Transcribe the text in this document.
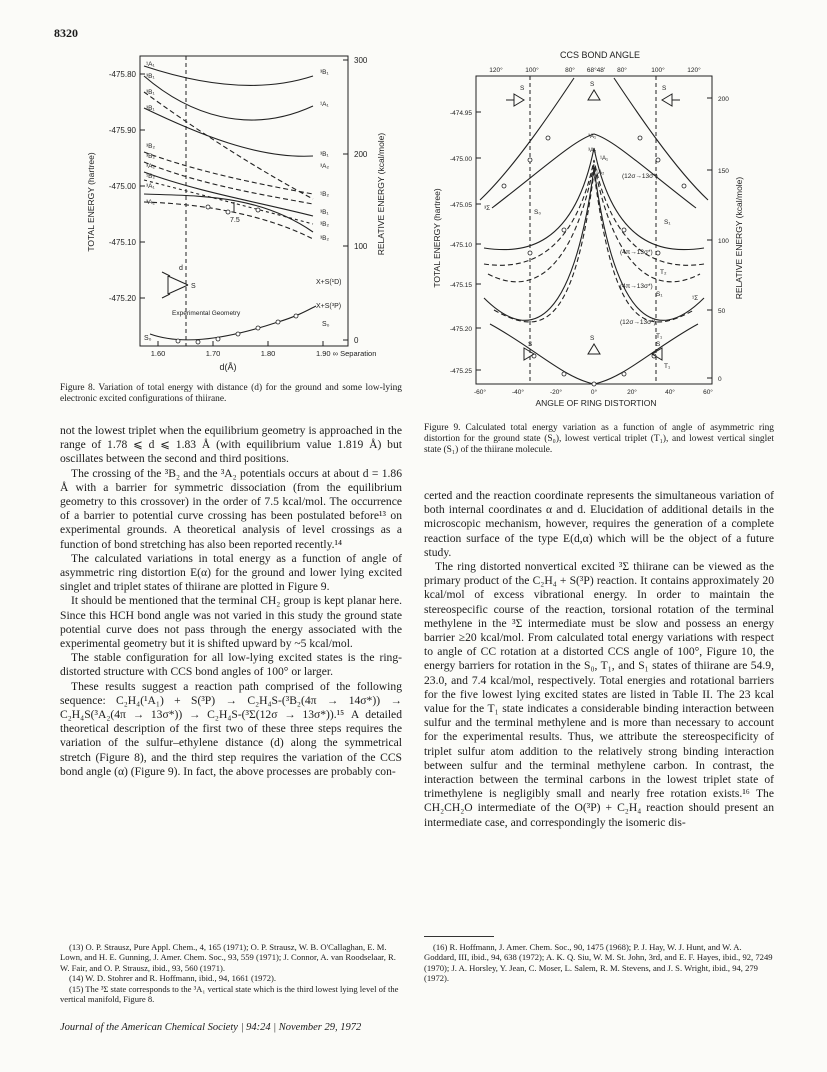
8320
-475.80
-475.90
-475.00
-475.10
-475.20
300
200
100
0
1.60	1.70	1.80	1.90 ∞ Separation
d(Å)
TOTAL ENERGY (hartree)	RELATIVE ENERGY (kcal/mole)
¹A₁
³B₁
³B₁
³B₁
³B₂
³B₂
³A₂
¹B₂
³A₁
³A₂
³B₁
¹A₁
³B₁
³A₂
¹B₂
³B₁
³B₂
³B₂
7.5
d
S
Experimental Geometry
X+S(¹D)
X+S(³P)
S₀
S₀
Figure 8. Variation of total energy with distance (d) for the ground and some low-lying electronic excited configurations of thiirane.
CCS BOND ANGLE
120°	100°	80° 68°48' 80°	100°	120°
-474.95
-475.00
-475.05
-475.10
-475.15
-475.20
-475.25
200
150
100
50
0
-60°	-40°	-20°	0°	20°	40°	60°
ANGLE OF RING DISTORTION
TOTAL ENERGY (hartree)	RELATIVE ENERGY (kcal/mole)
(12σ→13σ*)
(4π→13σ*)
(4π→13σ*)
(12σ→13σ*)
S₀
S₁
T₁
T₂
³A₁
³A₂
¹A₁
¹A₂
³Σ
¹Σ
S₁
T₁
S
S
S
S
S
S
Figure 9. Calculated total energy variation as a function of angle of asymmetric ring distortion for the ground state (S₀), lowest vertical triplet (T₁), and lowest vertical singlet state (S₁) of the thiirane molecule.

not the lowest triplet when the equilibrium geometry is approached in the range of 1.78 ⩽ d ⩽ 1.83 Å (with equilibrium value 1.819 Å) but oscillates between the second and third positions.

The crossing of the ³B₂ and the ³A₂ potentials occurs at about d = 1.86 Å with a barrier for symmetric dissociation (from the equilibrium geometry to this crossover) in the order of 7.5 kcal/mol. The occurrence of a barrier to potential curve crossing has been postulated before¹³ on experimental grounds. A theoretical analysis of level crossings as a function of bond stretching has also been reported recently.¹⁴

The calculated variations in total energy as a function of angle of asymmetric ring distortion E(α) for the ground and lower lying excited singlet and triplet states of thiirane are plotted in Figure 9.

It should be mentioned that the terminal CH₂ group is kept planar here. Since this HCH bond angle was not varied in this study the ground state potential curve does not pass through the energy associated with the experimental geometry but it is shifted upward by ~5 kcal/mol.

The stable configuration for all low-lying excited states is the ring-distorted structure with CCS bond angles of 100° or larger.

These results suggest a reaction path comprised of the following sequence: C₂H₄(¹A₁) + S(³P) → C₂H₄S-(³B₂(4π → 14σ*)) → C₂H₄S(³A₂(4π → 13σ*)) → C₂H₄S-(³Σ(12σ → 13σ*)).¹⁵ A detailed theoretical description of the first two of these three steps requires the variation of the sulfur–ethylene distance (d) along the symmetrical stretch (Figure 8), and the third step requires the variation of the CCS bond angle (α) (Figure 9). In fact, the above processes are probably con-

(13) O. P. Strausz, Pure Appl. Chem., 4, 165 (1971); O. P. Strausz, W. B. O'Callaghan, E. M. Lown, and H. E. Gunning, J. Amer. Chem. Soc., 93, 559 (1971); J. Connor, A. van Roodselaar, R. W. Fair, and O. P. Strausz, ibid., 93, 560 (1971).
(14) W. D. Stohrer and R. Hoffmann, ibid., 94, 1661 (1972).
(15) The ³Σ state corresponds to the ³A₁ vertical state which is the third lowest lying level of the vertical manifold, Figure 8.

certed and the reaction coordinate represents the simultaneous variation of both internal coordinates α and d. Elucidation of additional details in the microscopic mechanism, however, requires the generation of a complete reaction surface of the type E(d,α) which will be the object of a future study.

The ring distorted nonvertical excited ³Σ thiirane can be viewed as the primary product of the C₂H₄ + S(³P) reaction. It contains approximately 20 kcal/mol of excess vibrational energy. In order to maintain the stereospecific course of the reaction, torsional rotation of the terminal methylene in the ³Σ intermediate must be slow and possess an energy barrier ≥20 kcal/mol. From calculated total energy variations with respect to angle of CC rotation at a distorted CCS angle of 100°, Figure 10, the energy barriers for rotation in the S₀, T₁, and S₁ states of thiirane are 54.9, 23.0, and 7.4 kcal/mol, respectively. Total energies and rotational barriers for the five lowest lying excited states are listed in Table II. The 23 kcal value for the T₁ state indicates a considerable binding interaction between sulfur and the terminal methylene and is more than necessary to account for the experimental results. Thus, we attribute the stereospecificity of triplet sulfur atom addition to the relatively strong binding interaction between sulfur and the terminal methylene carbon. In contrast, the interaction between the terminal carbons in the lowest triplet state of trimethylene is negligibly small and nearly free rotation exists.¹⁶ The CH₂CH₂O intermediate of the O(³P) + C₂H₄ reaction should present an intermediate case, and correspondingly the isomeric dis-

(16) R. Hoffmann, J. Amer. Chem. Soc., 90, 1475 (1968); P. J. Hay, W. J. Hunt, and W. A. Goddard, III, ibid., 94, 638 (1972); A. K. Q. Siu, W. M. St. John, 3rd, and E. F. Hayes, ibid., 92, 7249 (1970); J. A. Horsley, Y. Jean, C. Moser, L. Salem, R. M. Stevens, and J. S. Wright, ibid., 94, 279 (1972).
Journal of the American Chemical Society | 94:24 | November 29, 1972
